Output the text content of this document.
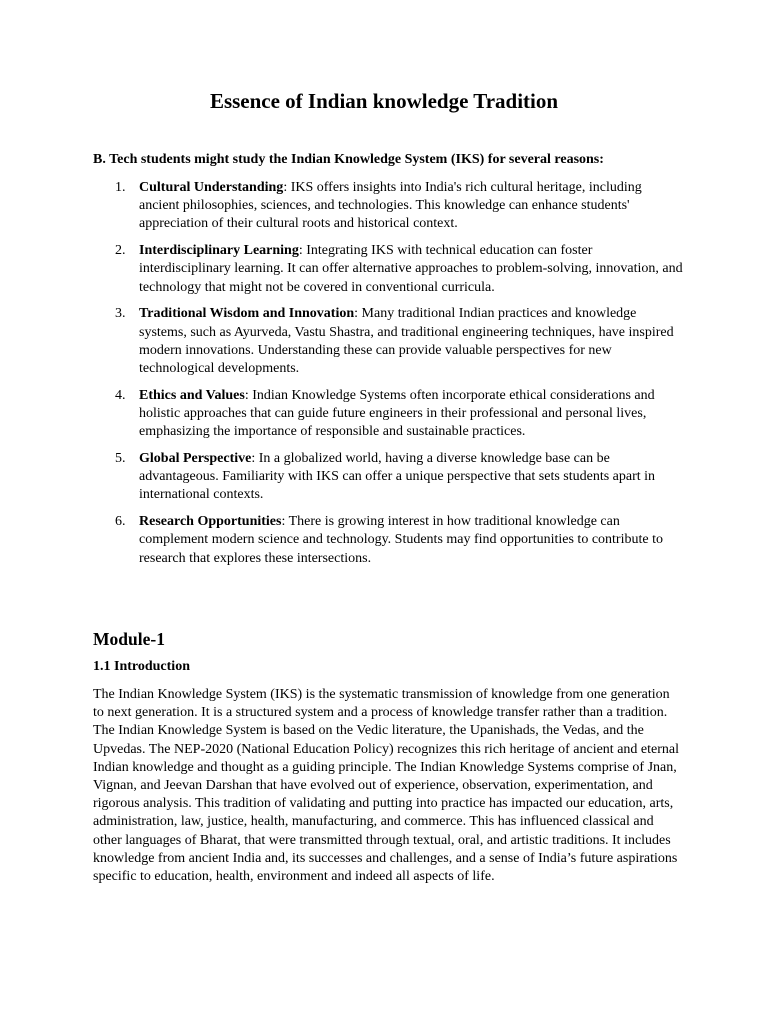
Essence of Indian knowledge Tradition

B. Tech students might study the Indian Knowledge System (IKS) for several reasons:

1. Cultural Understanding: IKS offers insights into India's rich cultural heritage, including ancient philosophies, sciences, and technologies. This knowledge can enhance students' appreciation of their cultural roots and historical context.
2. Interdisciplinary Learning: Integrating IKS with technical education can foster interdisciplinary learning. It can offer alternative approaches to problem-solving, innovation, and technology that might not be covered in conventional curricula.
3. Traditional Wisdom and Innovation: Many traditional Indian practices and knowledge systems, such as Ayurveda, Vastu Shastra, and traditional engineering techniques, have inspired modern innovations. Understanding these can provide valuable perspectives for new technological developments.
4. Ethics and Values: Indian Knowledge Systems often incorporate ethical considerations and holistic approaches that can guide future engineers in their professional and personal lives, emphasizing the importance of responsible and sustainable practices.
5. Global Perspective: In a globalized world, having a diverse knowledge base can be advantageous. Familiarity with IKS can offer a unique perspective that sets students apart in international contexts.
6. Research Opportunities: There is growing interest in how traditional knowledge can complement modern science and technology. Students may find opportunities to contribute to research that explores these intersections.
Module-1
1.1 Introduction

The Indian Knowledge System (IKS) is the systematic transmission of knowledge from one generation to next generation. It is a structured system and a process of knowledge transfer rather than a tradition. The Indian Knowledge System is based on the Vedic literature, the Upanishads, the Vedas, and the Upvedas. The NEP-2020 (National Education Policy) recognizes this rich heritage of ancient and eternal Indian knowledge and thought as a guiding principle. The Indian Knowledge Systems comprise of Jnan, Vignan, and Jeevan Darshan that have evolved out of experience, observation, experimentation, and rigorous analysis. This tradition of validating and putting into practice has impacted our education, arts, administration, law, justice, health, manufacturing, and commerce. This has influenced classical and other languages of Bharat, that were transmitted through textual, oral, and artistic traditions. It includes knowledge from ancient India and, its successes and challenges, and a sense of India’s future aspirations specific to education, health, environment and indeed all aspects of life.
